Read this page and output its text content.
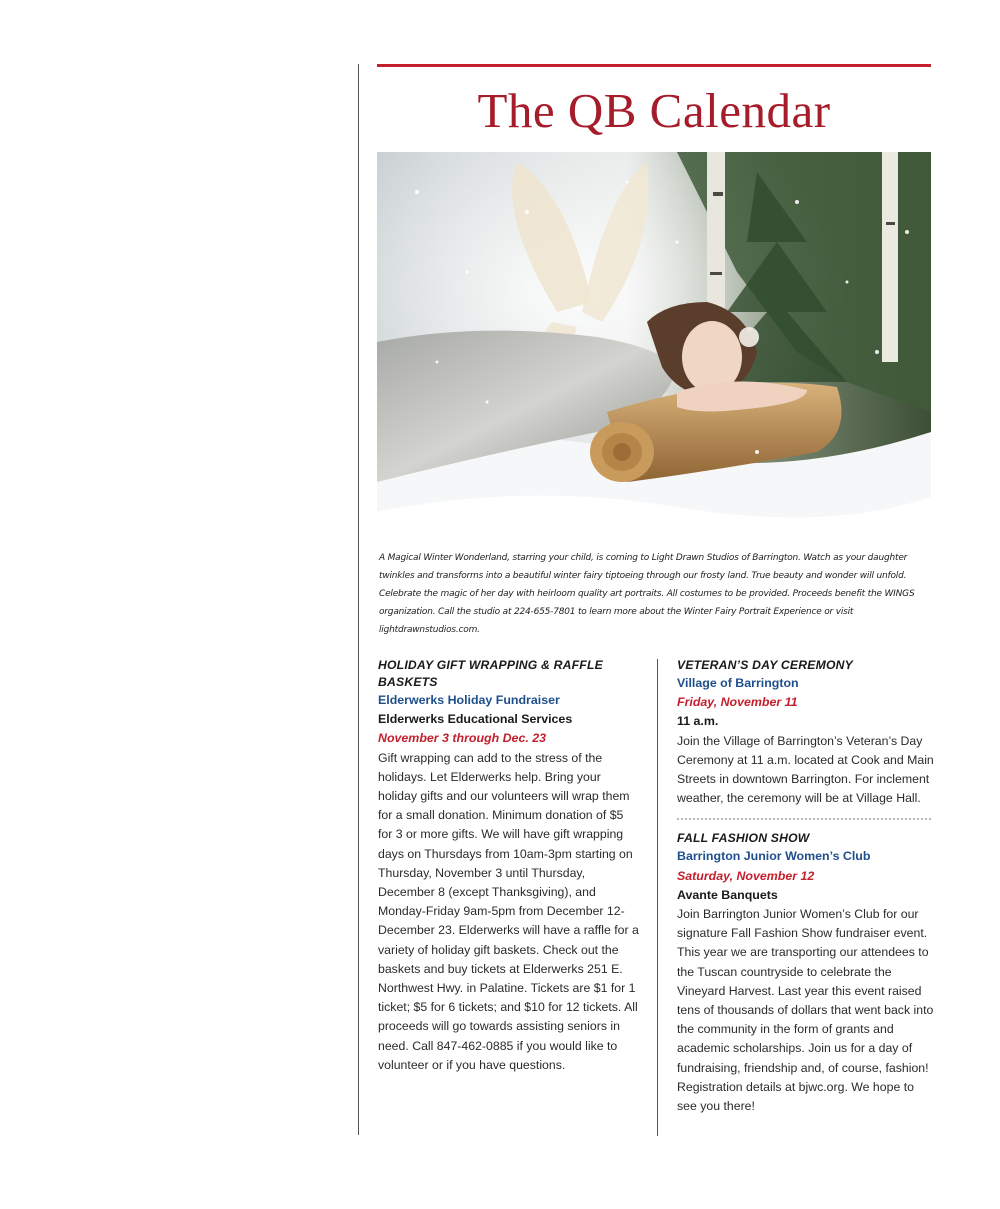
The QB Calendar

A Magical Winter Wonderland, starring your child, is coming to Light Drawn Studios of Barrington. Watch as your daughter twinkles and transforms into a beautiful winter fairy tiptoeing through our frosty land. True beauty and wonder will unfold. Celebrate the magic of her day with heirloom quality art portraits. All costumes to be provided. Proceeds benefit the WINGS organization. Call the studio at 224-655-7801 to learn more about the Winter Fairy Portrait Experience or visit lightdrawnstudios.com.

HOLIDAY GIFT WRAPPING & RAFFLE BASKETS

Elderwerks Holiday Fundraiser

Elderwerks Educational Services

November 3 through Dec. 23

Gift wrapping can add to the stress of the holidays. Let Elderwerks help. Bring your holiday gifts and our volunteers will wrap them for a small donation. Minimum donation of $5 for 3 or more gifts. We will have gift wrapping days on Thursdays from 10am-3pm starting on Thursday, November 3 until Thursday, December 8 (except Thanksgiving), and Monday-Friday 9am-5pm from December 12-December 23. Elderwerks will have a raffle for a variety of holiday gift baskets. Check out the baskets and buy tickets at Elderwerks 251 E. Northwest Hwy. in Palatine. Tickets are $1 for 1 ticket; $5 for 6 tickets; and $10 for 12 tickets. All proceeds will go towards assisting seniors in need. Call 847-462-0885 if you would like to volunteer or if you have questions.

VETERAN’S DAY CEREMONY

Village of Barrington

Friday, November 11

11 a.m.

Join the Village of Barrington’s Veteran’s Day Ceremony at 11 a.m. located at Cook and Main Streets in downtown Barrington. For inclement weather, the ceremony will be at Village Hall.

FALL FASHION SHOW

Barrington Junior Women’s Club

Saturday, November 12

Avante Banquets

Join Barrington Junior Women’s Club for our signature Fall Fashion Show fundraiser event. This year we are transporting our attendees to the Tuscan countryside to celebrate the Vineyard Harvest. Last year this event raised tens of thousands of dollars that went back into the community in the form of grants and academic scholarships. Join us for a day of fundraising, friendship and, of course, fashion! Registration details at bjwc.org. We hope to see you there!
